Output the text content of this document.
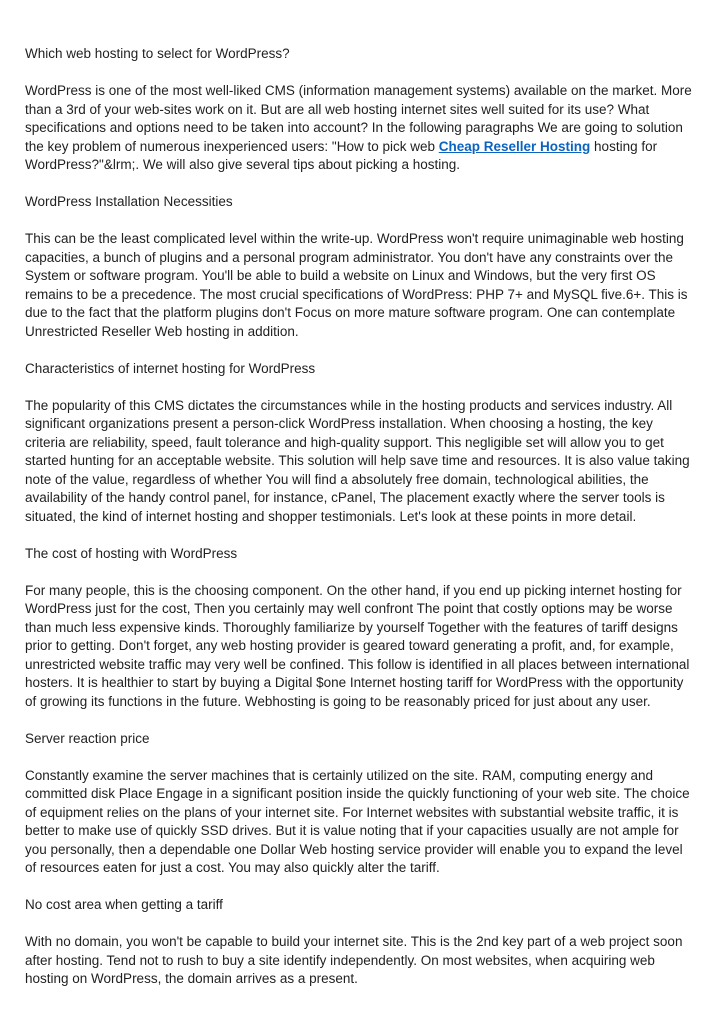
Which web hosting to select for WordPress?

WordPress is one of the most well-liked CMS (information management systems) available on the market. More than a 3rd of your web-sites work on it. But are all web hosting internet sites well suited for its use? What specifications and options need to be taken into account? In the following paragraphs We are going to solution the key problem of numerous inexperienced users: "How to pick web Cheap Reseller Hosting hosting for WordPress?"&lrm;. We will also give several tips about picking a hosting.

WordPress Installation Necessities

This can be the least complicated level within the write-up. WordPress won't require unimaginable web hosting capacities, a bunch of plugins and a personal program administrator. You don't have any constraints over the System or software program. You'll be able to build a website on Linux and Windows, but the very first OS remains to be a precedence. The most crucial specifications of WordPress: PHP 7+ and MySQL five.6+. This is due to the fact that the platform plugins don't Focus on more mature software program. One can contemplate Unrestricted Reseller Web hosting in addition.

Characteristics of internet hosting for WordPress

The popularity of this CMS dictates the circumstances while in the hosting products and services industry. All significant organizations present a person-click WordPress installation. When choosing a hosting, the key criteria are reliability, speed, fault tolerance and high-quality support. This negligible set will allow you to get started hunting for an acceptable website. This solution will help save time and resources. It is also value taking note of the value, regardless of whether You will find a absolutely free domain, technological abilities, the availability of the handy control panel, for instance, cPanel, The placement exactly where the server tools is situated, the kind of internet hosting and shopper testimonials. Let's look at these points in more detail.

The cost of hosting with WordPress

For many people, this is the choosing component. On the other hand, if you end up picking internet hosting for WordPress just for the cost, Then you certainly may well confront The point that costly options may be worse than much less expensive kinds. Thoroughly familiarize by yourself Together with the features of tariff designs prior to getting. Don't forget, any web hosting provider is geared toward generating a profit, and, for example, unrestricted website traffic may very well be confined. This follow is identified in all places between international hosters. It is healthier to start by buying a Digital $one Internet hosting tariff for WordPress with the opportunity of growing its functions in the future. Webhosting is going to be reasonably priced for just about any user.

Server reaction price

Constantly examine the server machines that is certainly utilized on the site. RAM, computing energy and committed disk Place Engage in a significant position inside the quickly functioning of your web site. The choice of equipment relies on the plans of your internet site. For Internet websites with substantial website traffic, it is better to make use of quickly SSD drives. But it is value noting that if your capacities usually are not ample for you personally, then a dependable one Dollar Web hosting service provider will enable you to expand the level of resources eaten for just a cost. You may also quickly alter the tariff.

No cost area when getting a tariff

With no domain, you won't be capable to build your internet site. This is the 2nd key part of a web project soon after hosting. Tend not to rush to buy a site identify independently. On most websites, when acquiring web hosting on WordPress, the domain arrives as a present.
